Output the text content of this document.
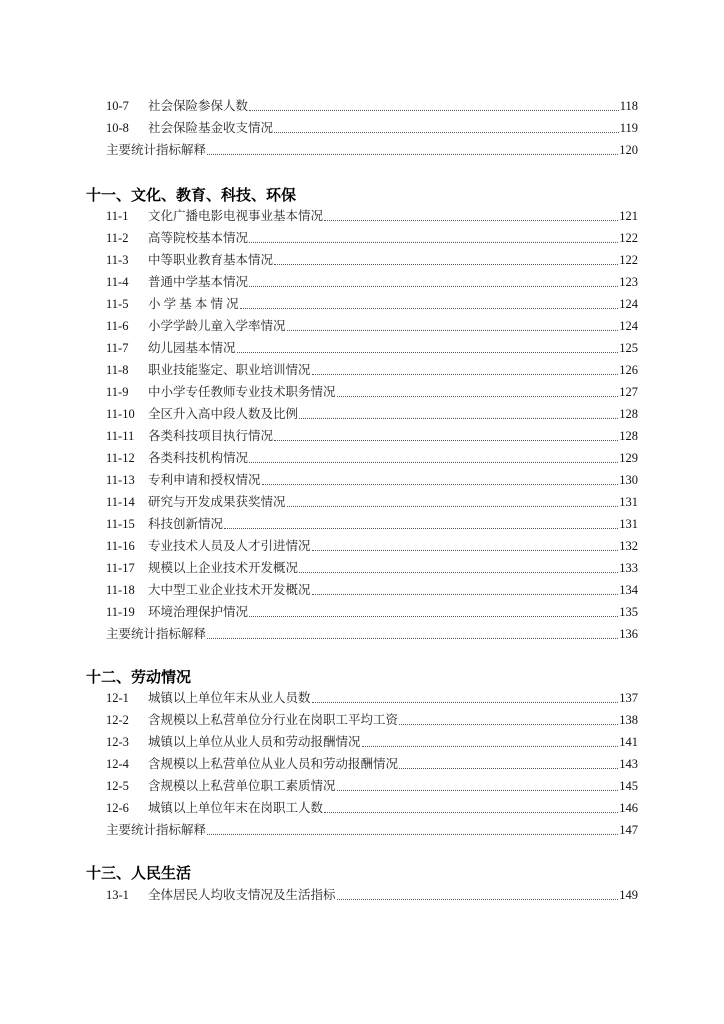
10-7	社会保险参保人数	118
10-8	社会保险基金收支情况	119
主要统计指标解释	120
十一、文化、教育、科技、环保
11-1	文化广播电影电视事业基本情况	121
11-2	高等院校基本情况	122
11-3	中等职业教育基本情况	122
11-4	普通中学基本情况	123
11-5	小 学 基 本 情 况	124
11-6	小学学龄儿童入学率情况	124
11-7	幼儿园基本情况	125
11-8	职业技能鉴定、职业培训情况	126
11-9	中小学专任教师专业技术职务情况	127
11-10	全区升入高中段人数及比例	128
11-11	各类科技项目执行情况	128
11-12	各类科技机构情况	129
11-13	专利申请和授权情况	130
11-14	研究与开发成果获奖情况	131
11-15	科技创新情况	131
11-16	专业技术人员及人才引进情况	132
11-17	规模以上企业技术开发概况	133
11-18	大中型工业企业技术开发概况	134
11-19	环境治理保护情况	135
主要统计指标解释	136
十二、劳动情况
12-1	城镇以上单位年末从业人员数	137
12-2	含规模以上私营单位分行业在岗职工平均工资	138
12-3	城镇以上单位从业人员和劳动报酬情况	141
12-4	含规模以上私营单位从业人员和劳动报酬情况	143
12-5	含规模以上私营单位职工素质情况	145
12-6	城镇以上单位年末在岗职工人数	146
主要统计指标解释	147
十三、人民生活
13-1	全体居民人均收支情况及生活指标	149
